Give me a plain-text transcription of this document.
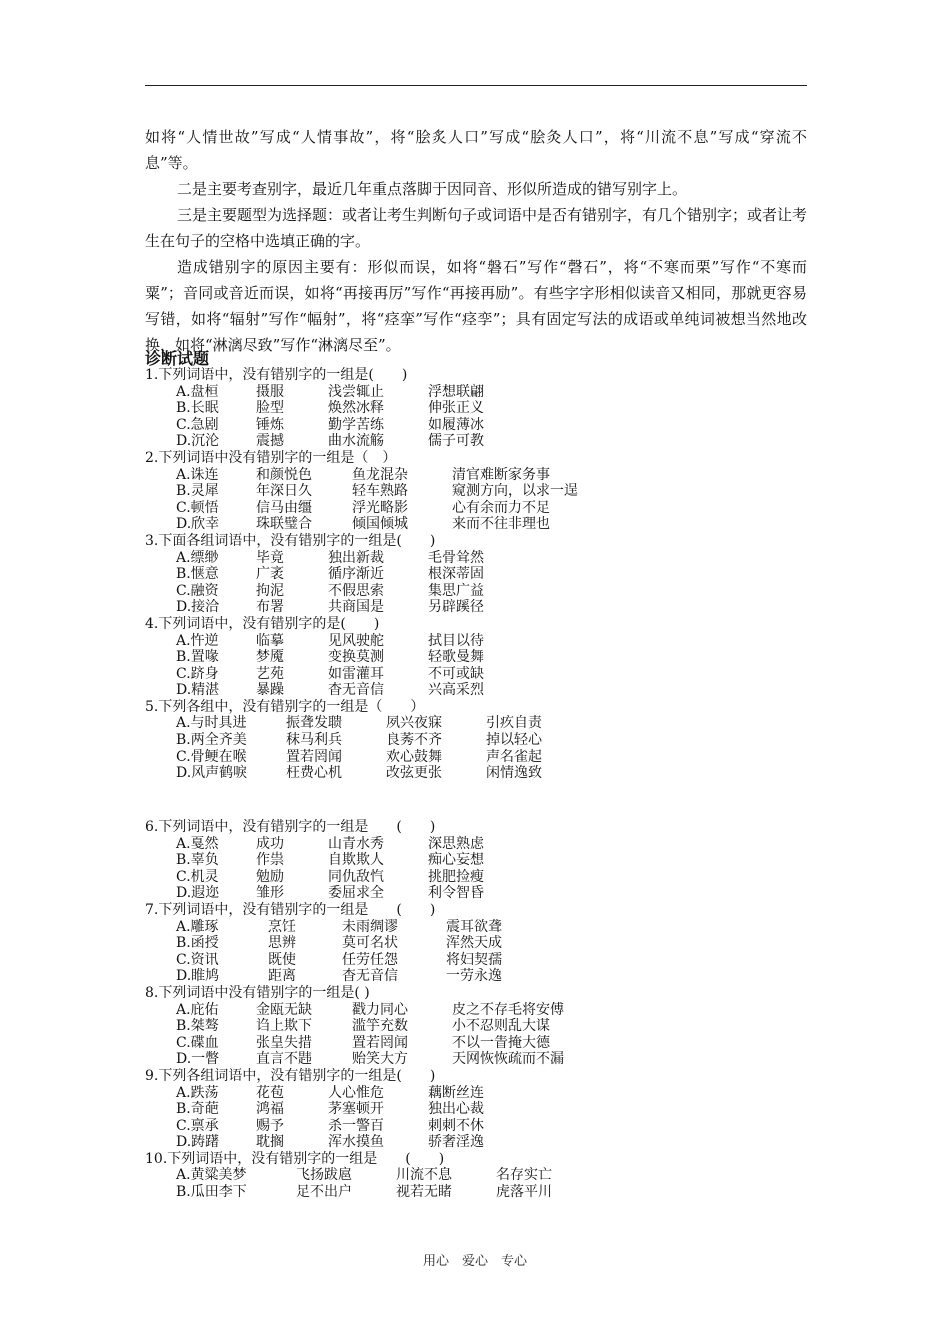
如将“人情世故”写成“人情事故”，将“脍炙人口”写成“脍灸人口”，将“川流不息”写成“穿流不息”等。

二是主要考查别字，最近几年重点落脚于因同音、形似所造成的错写别字上。

三是主要题型为选择题：或者让考生判断句子或词语中是否有错别字，有几个错别字；或者让考生在句子的空格中选填正确的字。

造成错别字的原因主要有：形似而误，如将“磐石”写作“磬石”，将“不寒而栗”写作“不寒而粟”；音同或音近而误，如将“再接再厉”写作“再接再励”。有些字字形相似读音又相同，那就更容易写错，如将“辐射”写作“幅射”，将“痉挛”写作“痉孪”；具有固定写法的成语或单纯词被想当然地改换，如将“淋漓尽致”写作“淋漓尽至”。

诊断试题
1.下列词语中，没有错别字的一组是(　　)
A.盘桓	摄服	浅尝辄止	浮想联翩
B.长眠	脸型	焕然冰释	伸张正义
C.急剧	锤炼	勤学苦练	如履薄冰
D.沉沦	震撼	曲水流觞	儒子可教
2.下列词语中没有错别字的一组是（　）
A.诛连	和颜悦色	鱼龙混杂	清官难断家务事
B.灵犀	年深日久	轻车熟路	窥测方向，以求一逞
C.顿悟	信马由缰	浮光略影	心有余而力不足
D.欣幸	珠联璧合	倾国倾城	来而不往非理也
3.下面各组词语中，没有错别字的一组是(　　)
A.缥缈	毕竟	独出新裁	毛骨耸然
B.惬意	广袤	循序渐近	根深蒂固
C.融资	拘泥	不假思索	集思广益
D.接洽	布署	共商国是	另辟蹊径
4.下列词语中，没有错别字的是(　　)
A.忤逆	临摹	见风驶舵	拭目以待
B.置喙	梦魇	变换莫测	轻歌曼舞
C.跻身	艺苑	如雷灌耳	不可或缺
D.精湛	暴躁	杳无音信	兴高采烈
5.下列各组中，没有错别字的一组是（　　）
A.与时具进	振聋发聩	夙兴夜寐	引疚自责
B.两全齐美	秣马利兵	良莠不齐	掉以轻心
C.骨鲠在喉	置若罔闻	欢心鼓舞	声名雀起
D.风声鹤唳	枉费心机	改弦更张	闲情逸致
6.下列词语中，没有错别字的一组是　　(　　)
A.戛然	成功	山青水秀	深思熟虑
B.辜负	作祟	自欺欺人	痴心妄想
C.机灵	勉励	同仇敌忾	挑肥捡瘦
D.遐迩	雏形	委屈求全	利令智昏
7.下列词语中，没有错别字的一组是　　(　　)
A.雕琢	烹饪	未雨绸谬	震耳欲聋
B.函授	思辨	莫可名状	浑然天成
C.资讯	既使	任劳任怨	将妇契孺
D.睢鸠	距离	杳无音信	一劳永逸
8.下列词语中没有错别字的一组是( )
A.庇佑	金瓯无缺	戳力同心	皮之不存毛将安傅
B.桀骜	诌上欺下	滥竽充数	小不忍则乱大谋
C.碟血	张皇失措	置若罔闻	不以一眚掩大德
D.一瞥	直言不韪	贻笑大方	天网恢恢疏而不漏
9.下列各组词语中，没有错别字的一组是(　　)
A.跌荡	花苞	人心惟危	藕断丝连
B.奇葩	鸿福	茅塞顿开	独出心裁
C.禀承	赐予	杀一警百	刺刺不休
D.踌躇	耽搁	浑水摸鱼	骄奢淫逸
10.下列词语中，没有错别字的一组是　　(　　)
A.黄粱美梦	飞扬跋扈	川流不息	名存实亡
B.瓜田李下	足不出户	视若无睹	虎落平川
用心　爱心　专心
